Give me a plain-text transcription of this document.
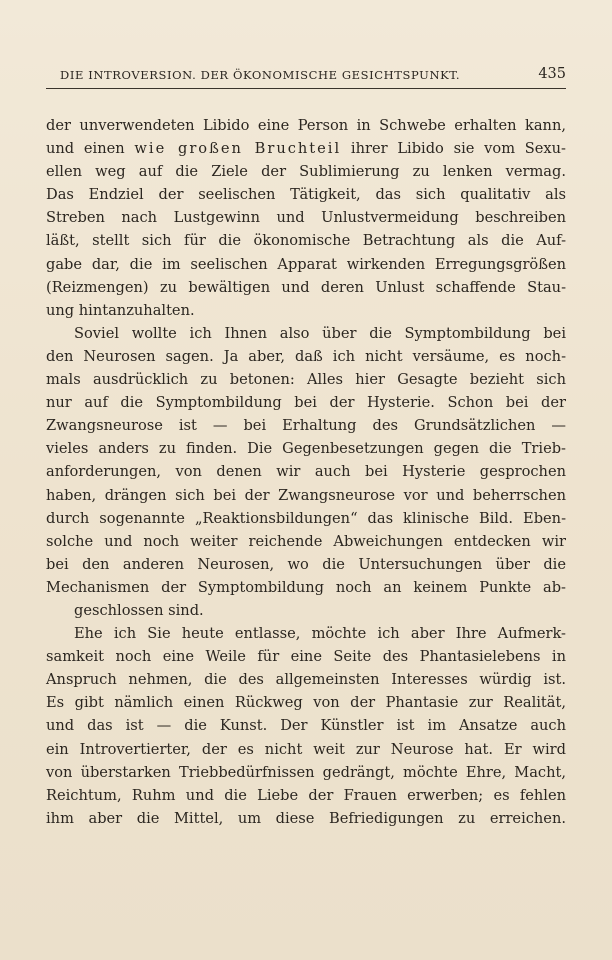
DIE INTROVERSION. DER ÖKONOMISCHE GESICHTSPUNKT.	435
der unverwendeten Libido eine Person in Schwebe erhalten kann,
und einen wie großen Bruchteil ihrer Libido sie vom Sexu-
ellen weg auf die Ziele der Sublimierung zu lenken vermag.
Das Endziel der seelischen Tätigkeit, das sich qualitativ als
Streben nach Lustgewinn und Unlustvermeidung beschreiben
läßt, stellt sich für die ökonomische Betrachtung als die Auf-
gabe dar, die im seelischen Apparat wirkenden Erregungsgrößen
(Reizmengen) zu bewältigen und deren Unlust schaffende Stau-
ung hintanzuhalten.
Soviel wollte ich Ihnen also über die Symptombildung bei
den Neurosen sagen. Ja aber, daß ich nicht versäume, es noch-
mals ausdrücklich zu betonen: Alles hier Gesagte bezieht sich
nur auf die Symptombildung bei der Hysterie. Schon bei der
Zwangsneurose ist — bei Erhaltung des Grundsätzlichen —
vieles anders zu finden. Die Gegenbesetzungen gegen die Trieb-
anforderungen, von denen wir auch bei Hysterie gesprochen
haben, drängen sich bei der Zwangsneurose vor und beherrschen
durch sogenannte „Reaktionsbildungen“ das klinische Bild. Eben-
solche und noch weiter reichende Abweichungen entdecken wir
bei den anderen Neurosen, wo die Untersuchungen über die
Mechanismen der Symptombildung noch an keinem Punkte ab-
geschlossen sind.
Ehe ich Sie heute entlasse, möchte ich aber Ihre Aufmerk-
samkeit noch eine Weile für eine Seite des Phantasielebens in
Anspruch nehmen, die des allgemeinsten Interesses würdig ist.
Es gibt nämlich einen Rückweg von der Phantasie zur Realität,
und das ist — die Kunst. Der Künstler ist im Ansatze auch
ein Introvertierter, der es nicht weit zur Neurose hat. Er wird
von überstarken Triebbedürfnissen gedrängt, möchte Ehre, Macht,
Reichtum, Ruhm und die Liebe der Frauen erwerben; es fehlen
ihm aber die Mittel, um diese Befriedigungen zu erreichen.
